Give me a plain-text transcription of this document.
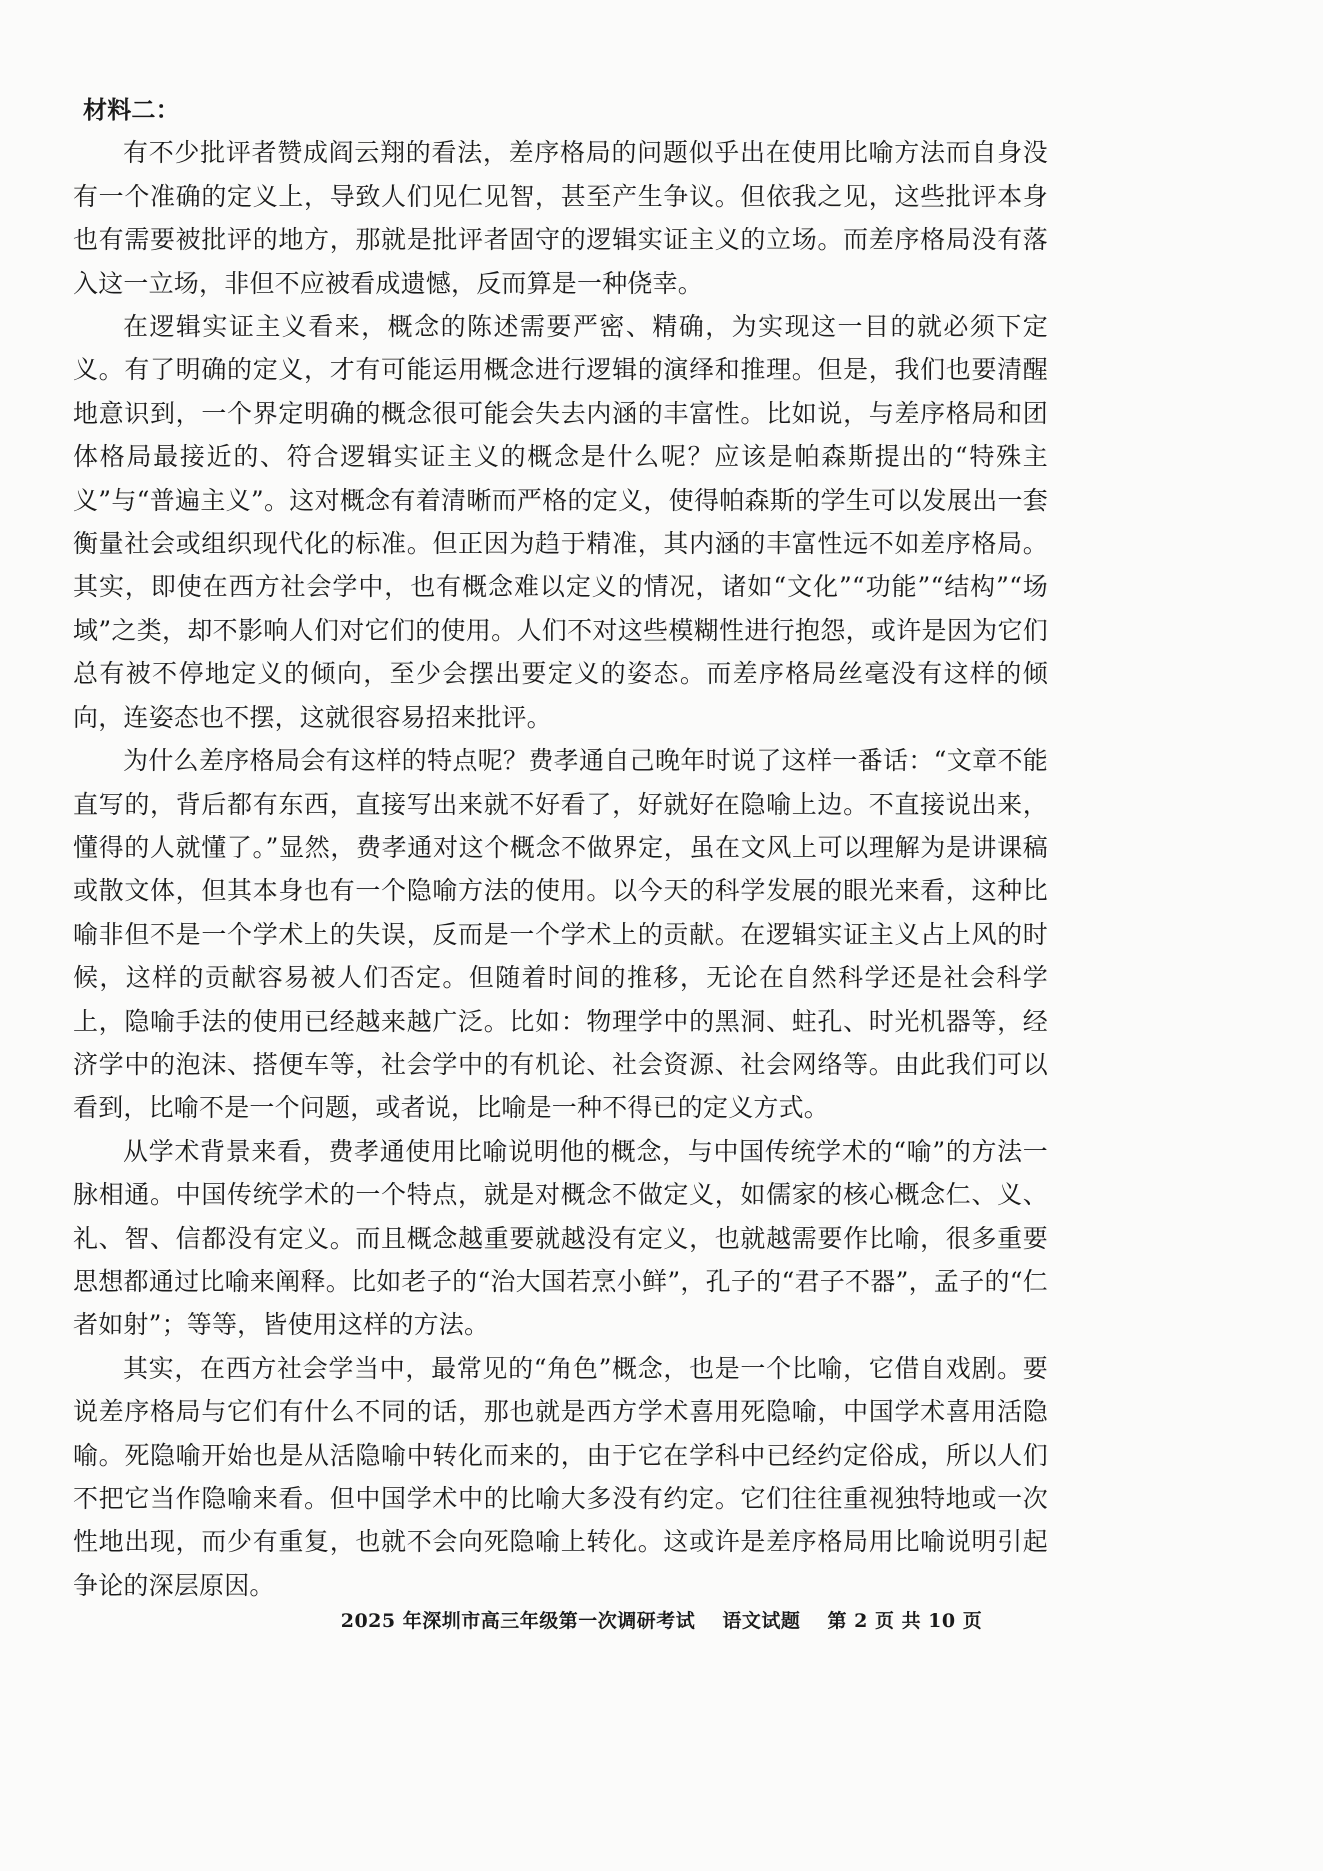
材料二：

有不少批评者赞成阎云翔的看法，差序格局的问题似乎出在使用比喻方法而自身没有一个准确的定义上，导致人们见仁见智，甚至产生争议。但依我之见，这些批评本身也有需要被批评的地方，那就是批评者固守的逻辑实证主义的立场。而差序格局没有落入这一立场，非但不应被看成遗憾，反而算是一种侥幸。

在逻辑实证主义看来，概念的陈述需要严密、精确，为实现这一目的就必须下定义。有了明确的定义，才有可能运用概念进行逻辑的演绎和推理。但是，我们也要清醒地意识到，一个界定明确的概念很可能会失去内涵的丰富性。比如说，与差序格局和团体格局最接近的、符合逻辑实证主义的概念是什么呢？应该是帕森斯提出的“特殊主义”与“普遍主义”。这对概念有着清晰而严格的定义，使得帕森斯的学生可以发展出一套衡量社会或组织现代化的标准。但正因为趋于精准，其内涵的丰富性远不如差序格局。其实，即使在西方社会学中，也有概念难以定义的情况，诸如“文化”“功能”“结构”“场域”之类，却不影响人们对它们的使用。人们不对这些模糊性进行抱怨，或许是因为它们总有被不停地定义的倾向，至少会摆出要定义的姿态。而差序格局丝毫没有这样的倾向，连姿态也不摆，这就很容易招来批评。

为什么差序格局会有这样的特点呢？费孝通自己晚年时说了这样一番话：“文章不能直写的，背后都有东西，直接写出来就不好看了，好就好在隐喻上边。不直接说出来，懂得的人就懂了。”显然，费孝通对这个概念不做界定，虽在文风上可以理解为是讲课稿或散文体，但其本身也有一个隐喻方法的使用。以今天的科学发展的眼光来看，这种比喻非但不是一个学术上的失误，反而是一个学术上的贡献。在逻辑实证主义占上风的时候，这样的贡献容易被人们否定。但随着时间的推移，无论在自然科学还是社会科学上，隐喻手法的使用已经越来越广泛。比如：物理学中的黑洞、蛀孔、时光机器等，经济学中的泡沫、搭便车等，社会学中的有机论、社会资源、社会网络等。由此我们可以看到，比喻不是一个问题，或者说，比喻是一种不得已的定义方式。

从学术背景来看，费孝通使用比喻说明他的概念，与中国传统学术的“喻”的方法一脉相通。中国传统学术的一个特点，就是对概念不做定义，如儒家的核心概念仁、义、礼、智、信都没有定义。而且概念越重要就越没有定义，也就越需要作比喻，很多重要思想都通过比喻来阐释。比如老子的“治大国若烹小鲜”，孔子的“君子不器”，孟子的“仁者如射”；等等，皆使用这样的方法。

其实，在西方社会学当中，最常见的“角色”概念，也是一个比喻，它借自戏剧。要说差序格局与它们有什么不同的话，那也就是西方学术喜用死隐喻，中国学术喜用活隐喻。死隐喻开始也是从活隐喻中转化而来的，由于它在学科中已经约定俗成，所以人们不把它当作隐喻来看。但中国学术中的比喻大多没有约定。它们往往重视独特地或一次性地出现，而少有重复，也就不会向死隐喻上转化。这或许是差序格局用比喻说明引起争论的深层原因。

2025 年深圳市高三年级第一次调研考试 语文试题 第 2 页 共 10 页
